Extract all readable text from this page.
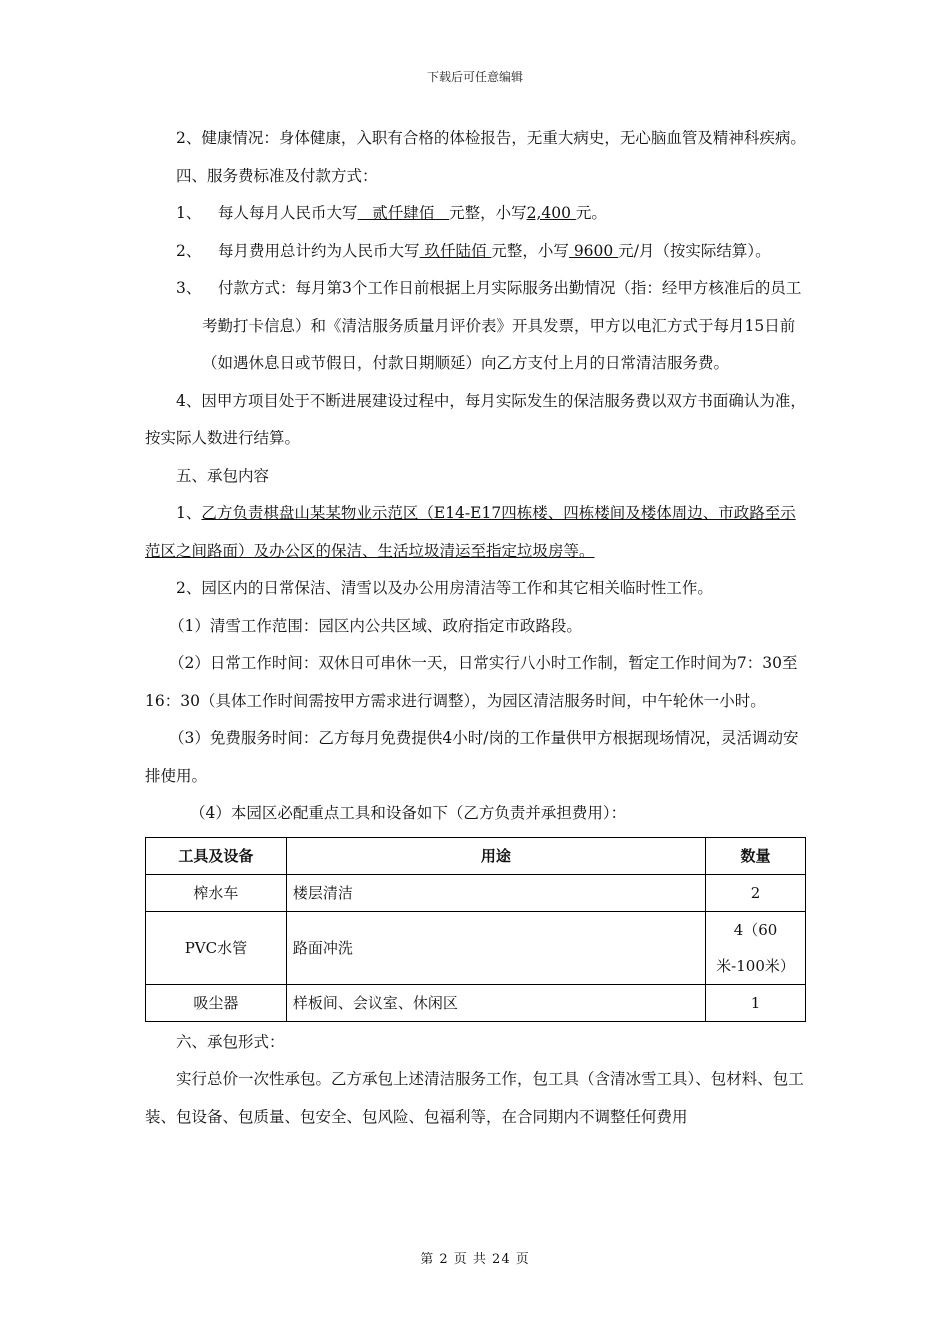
下载后可任意编辑

2、健康情况：身体健康，入职有合格的体检报告，无重大病史，无心脑血管及精神科疾病。

四、服务费标准及付款方式：

1、 每人每月人民币大写   贰仟肆佰   元整，小写2,400 元。

2、 每月费用总计约为人民币大写 玖仟陆佰 元整，小写 9600 元/月（按实际结算）。

3、 付款方式：每月第3个工作日前根据上月实际服务出勤情况（指：经甲方核准后的员工考勤打卡信息）和《清洁服务质量月评价表》开具发票，甲方以电汇方式于每月15日前（如遇休息日或节假日，付款日期顺延）向乙方支付上月的日常清洁服务费。

4、因甲方项目处于不断进展建设过程中，每月实际发生的保洁服务费以双方书面确认为准，按实际人数进行结算。

五、承包内容

1、乙方负责棋盘山某某物业示范区（E14-E17四栋楼、四栋楼间及楼体周边、市政路至示范区之间路面）及办公区的保洁、生活垃圾清运至指定垃圾房等。

2、园区内的日常保洁、清雪以及办公用房清洁等工作和其它相关临时性工作。

（1）清雪工作范围：园区内公共区域、政府指定市政路段。

（2）日常工作时间：双休日可串休一天，日常实行八小时工作制，暂定工作时间为7：30至16：30（具体工作时间需按甲方需求进行调整），为园区清洁服务时间，中午轮休一小时。

（3）免费服务时间：乙方每月免费提供4小时/岗的工作量供甲方根据现场情况，灵活调动安排使用。

（4）本园区必配重点工具和设备如下（乙方负责并承担费用）：

工具及设备	用途	数量
榨水车	楼层清洁	2
PVC水管	路面冲洗	4（60米-100米）
吸尘器	样板间、会议室、休闲区	1

六、承包形式：

实行总价一次性承包。乙方承包上述清洁服务工作，包工具（含清冰雪工具）、包材料、包工装、包设备、包质量、包安全、包风险、包福利等，在合同期内不调整任何费用

第 2 页 共 24 页
